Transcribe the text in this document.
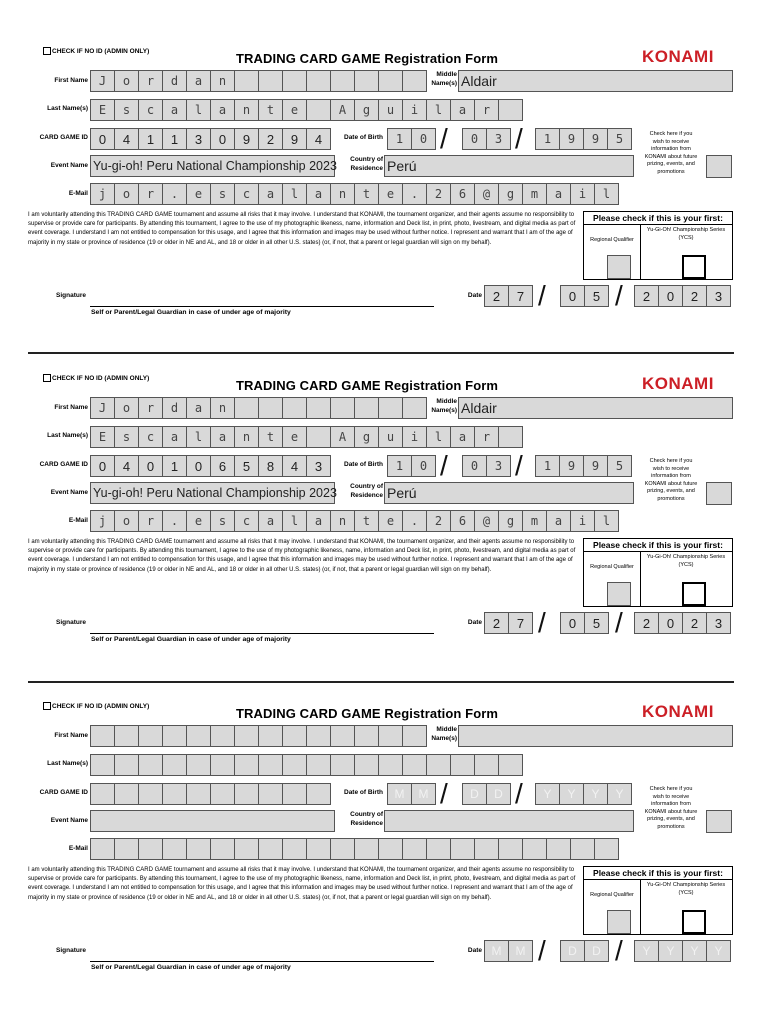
CHECK IF NO ID (ADMIN ONLY)	TRADING CARD GAME Registration Form	KONAMI
First Name J	o	r	d	a	n	Middle
Name(s) Aldair
Last Name(s) E	s	c	a	l	a	n	t	e	A	g	u	i	l	a	r
CARD GAME ID 0	4	1	1	3	0	9	2	9	4	Date of Birth	1	0 /	0	3 /	1	9	9	5
Event Name Yu-gi-oh! Peru National Championship 2023 Country of
Residence Perú
E-Mail j	o	r	.	e	s	c	a	l	a	n	t	e	.	2	6	@	g	m	a	i	l
Check here if you wish to receive information from KONAMI about future prizing, events, and promotions
I am voluntarily attending this TRADING CARD GAME tournament and assume all risks that it may involve. I understand that KONAMI, the tournament organizer, and their agents assume no responsibility to supervise or provide care for participants. By attending this tournament, I agree to the use of my photographic likeness, name, information and Deck list, in print, photo, livestream, and digital media as part of event coverage. I understand I am not entitled to compensation for this usage, and I agree that this information and images may be used without further notice. I represent and warrant that I am of the age of majority in my state or province of residence (19 or older in NE and AL, and 18 or older in all other U.S. states) (or, if not, that a parent or legal guardian will sign on my behalf).
Please check if this is your first:
Regional Qualifier
Yu-Gi-Oh! Championship Series (YCS)
Signature
Self or Parent/Legal Guardian in case of under age of majority
Date 2	7 /	0	5 /	2	0	2	3
CHECK IF NO ID (ADMIN ONLY)	TRADING CARD GAME Registration Form	KONAMI
First Name J	o	r	d	a	n	Middle
Name(s) Aldair
Last Name(s) E	s	c	a	l	a	n	t	e	A	g	u	i	l	a	r
CARD GAME ID 0	4	0	1	0	6	5	8	4	3	Date of Birth	1	0 /	0	3 /	1	9	9	5
Event Name Yu-gi-oh! Peru National Championship 2023 Country of
Residence Perú
E-Mail j	o	r	.	e	s	c	a	l	a	n	t	e	.	2	6	@	g	m	a	i	l
Check here if you wish to receive information from KONAMI about future prizing, events, and promotions
I am voluntarily attending this TRADING CARD GAME tournament and assume all risks that it may involve. I understand that KONAMI, the tournament organizer, and their agents assume no responsibility to supervise or provide care for participants. By attending this tournament, I agree to the use of my photographic likeness, name, information and Deck list, in print, photo, livestream, and digital media as part of event coverage. I understand I am not entitled to compensation for this usage, and I agree that this information and images may be used without further notice. I represent and warrant that I am of the age of majority in my state or province of residence (19 or older in NE and AL, and 18 or older in all other U.S. states) (or, if not, that a parent or legal guardian will sign on my behalf).
Please check if this is your first:
Regional Qualifier
Yu-Gi-Oh! Championship Series (YCS)
Signature
Self or Parent/Legal Guardian in case of under age of majority
Date 2	7 /	0	5 /	2	0	2	3
CHECK IF NO ID (ADMIN ONLY)	TRADING CARD GAME Registration Form	KONAMI
First Name
Middle
Name(s)
Last Name(s)
CARD GAME ID	Date of Birth M	M /	D	D /	Y	Y	Y	Y
Event Name
Country of
Residence
E-Mail
Check here if you wish to receive information from KONAMI about future prizing, events, and promotions
I am voluntarily attending this TRADING CARD GAME tournament and assume all risks that it may involve. I understand that KONAMI, the tournament organizer, and their agents assume no responsibility to supervise or provide care for participants. By attending this tournament, I agree to the use of my photographic likeness, name, information and Deck list, in print, photo, livestream, and digital media as part of event coverage. I understand I am not entitled to compensation for this usage, and I agree that this information and images may be used without further notice. I represent and warrant that I am of the age of majority in my state or province of residence (19 or older in NE and AL, and 18 or older in all other U.S. states) (or, if not, that a parent or legal guardian will sign on my behalf).
Please check if this is your first:
Regional Qualifier
Yu-Gi-Oh! Championship Series (YCS)
Signature
Self or Parent/Legal Guardian in case of under age of majority
Date M	M /	D	D /	Y	Y	Y	Y
